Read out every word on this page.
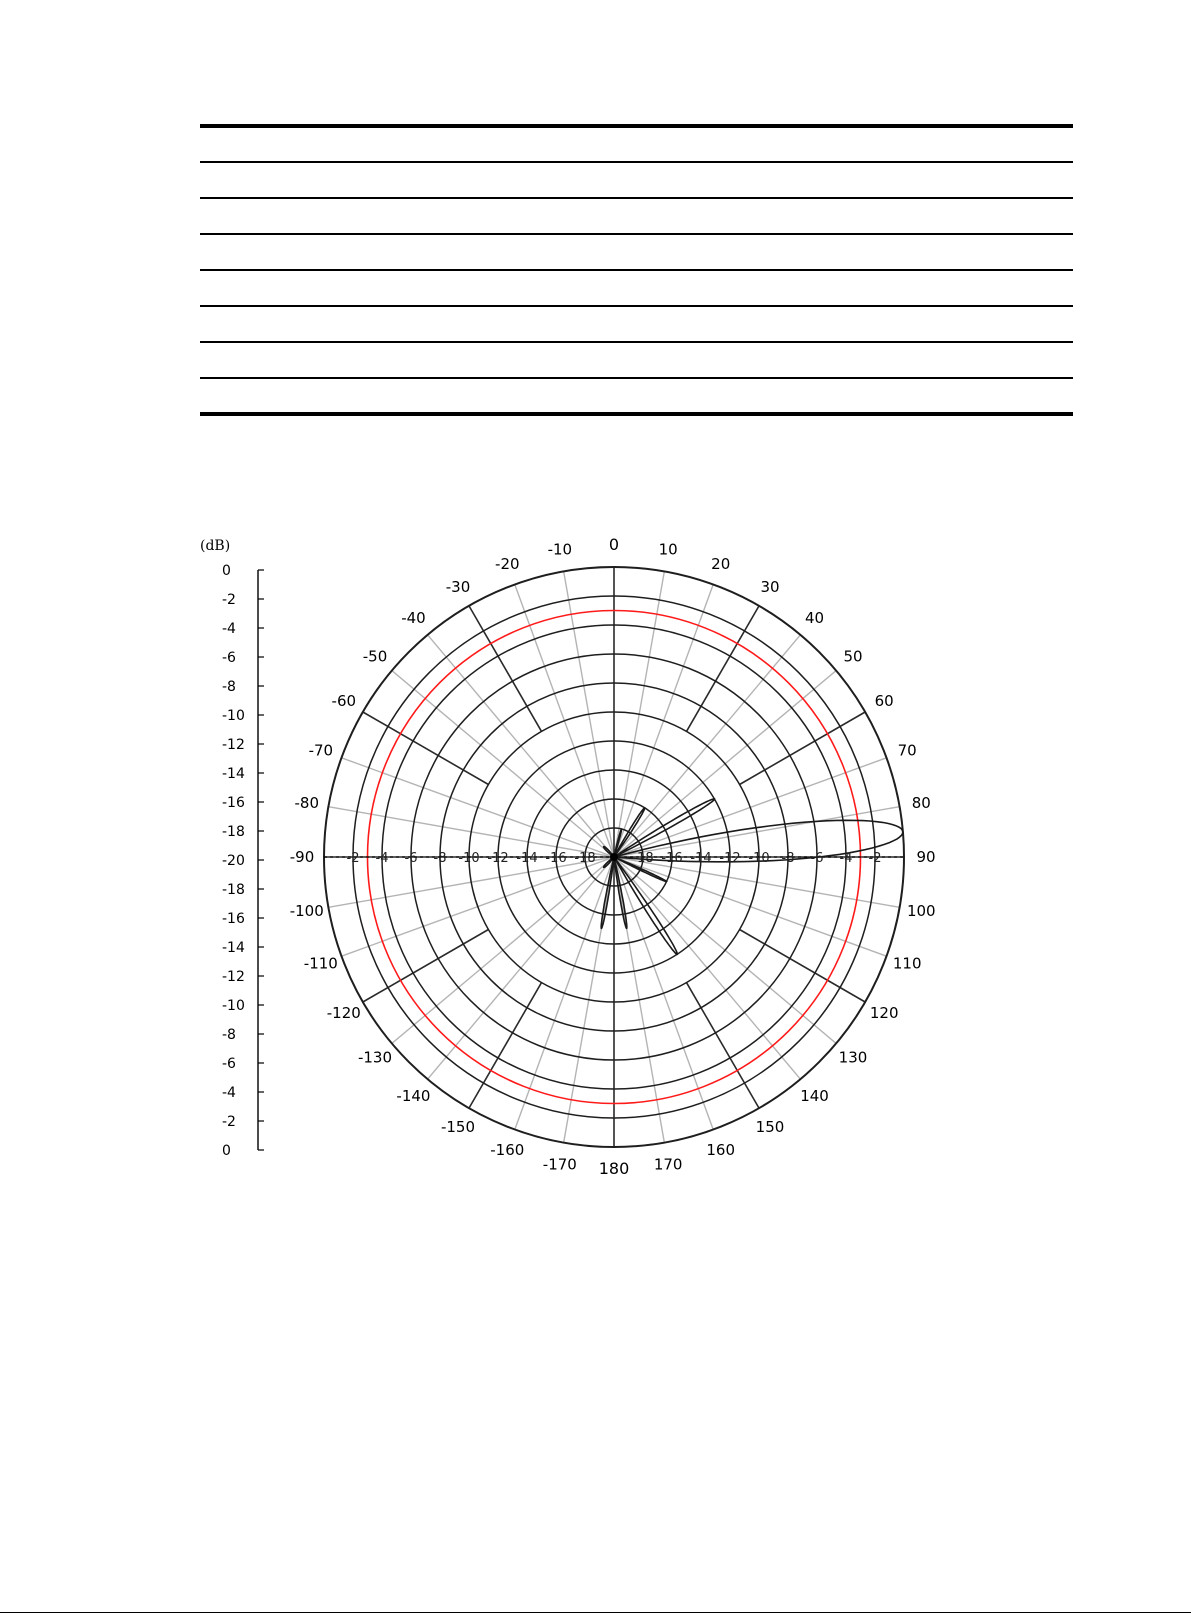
(dB)
0
-2
-4
-6
-8
-10
-12
-14
-16
-18
-20
-18
-16
-14
-12
-10
-8
-6
-4
-2
0
-2
-4
-6
-8
-10
-12
-14
-16
-18
-2 -4 -6 -8 -10 -12 -14 -16 -18
0	10
20
30
40
50
60
70
80
90
100
110
120
130
140
150
160
170
180
-170
-160
-150
-140
-130
-120
-110
-100
-90
-80
-70
-60
-50
-40
-30
-20
-10
